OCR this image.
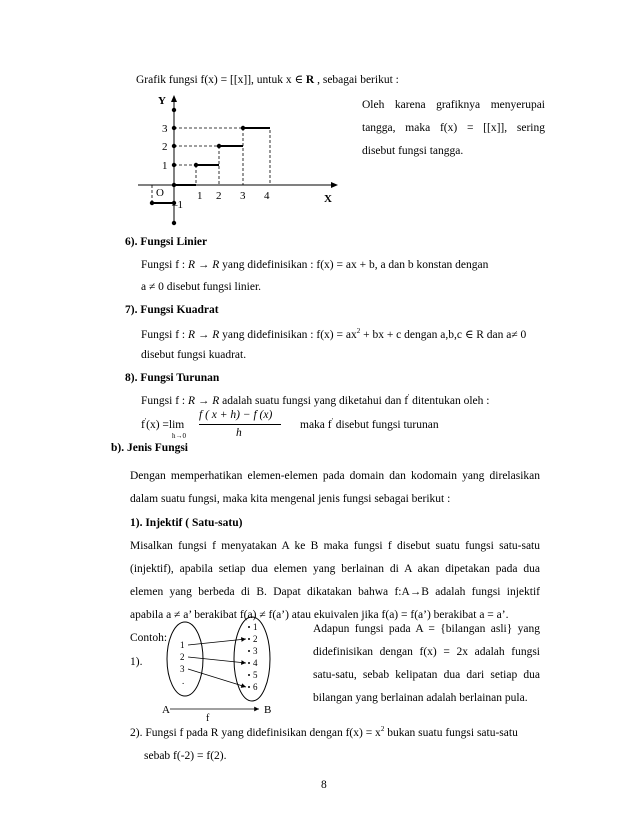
Grafik fungsi f(x) = [[x]], untuk x ∈ R , sebagai berikut :
Y
X
O
3
2
1
–1
1 2 3 4
Oleh karena grafiknya menyerupai
tangga, maka f(x) = [[x]], sering
disebut fungsi tangga.
6). Fungsi Linier
Fungsi f : R → R yang didefinisikan : f(x) = ax + b, a dan b konstan dengan
a ≠ 0 disebut fungsi linier.
7). Fungsi Kuadrat
Fungsi f : R → R yang didefinisikan : $f(x) = ax^2$ + bx + c dengan a,b,c ∈ R dan a≠ 0
disebut fungsi kuadrat.
8). Fungsi Turunan
Fungsi f : R → R adalah suatu fungsi yang diketahui dan f' ditentukan oleh :
f'(x) =lim
h→0
f ( x + h) − f (x)
h
maka f' disebut fungsi turunan
b). Jenis Fungsi
Dengan memperhatikan elemen-elemen pada domain dan kodomain yang direlasikan
dalam suatu fungsi, maka kita mengenal jenis fungsi sebagai berikut :
1). Injektif ( Satu-satu)
Misalkan fungsi f menyatakan A ke B maka fungsi f disebut suatu fungsi satu-satu
(injektif), apabila setiap dua elemen yang berlainan di A akan dipetakan pada dua
elemen yang berbeda di B. Dapat dikatakan bahwa f:A→B adalah fungsi injektif
apabila a ≠ a’ berakibat f(a) ≠ f(a’) atau ekuivalen jika f(a) = f(a’) berakibat a = a’.
Contoh:
1).
1
2
3
.
1
2
3
4
5
6
A	B
f
Adapun fungsi pada A = {bilangan asli} yang
didefinisikan dengan f(x) = 2x adalah fungsi
satu-satu, sebab kelipatan dua dari setiap dua
bilangan yang berlainan adalah berlainan pula.
2). Fungsi f pada R yang didefinisikan dengan $f(x) = x^2$ bukan suatu fungsi satu-satu
sebab f(-2) = f(2).
8
